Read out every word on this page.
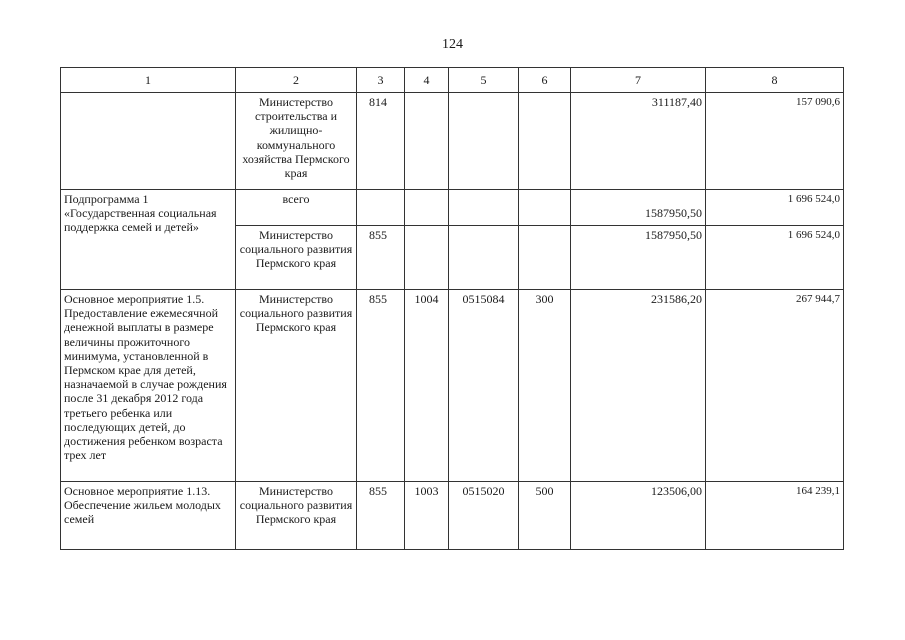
124
1	2	3	4	5	6	7	8
	Министерство строительства и жилищно-коммунального хозяйства Пермского края	814				311187,40	157 090,6
Подпрограмма 1 «Государственная социальная поддержка семей и детей»	всего					1587950,50	1 696 524,0
	Министерство социального развития Пермского края	855				1587950,50	1 696 524,0
Основное мероприятие 1.5. Предоставление ежемесячной денежной выплаты в размере величины прожиточного минимума, установленной в Пермском крае для детей, назначаемой в случае рождения после 31 декабря 2012 года третьего ребенка или последующих детей, до достижения ребенком возраста трех лет	Министерство социального развития Пермского края	855	1004	0515084	300	231586,20	267 944,7
Основное мероприятие 1.13. Обеспечение жильем молодых семей	Министерство социального развития Пермского края	855	1003	0515020	500	123506,00	164 239,1
